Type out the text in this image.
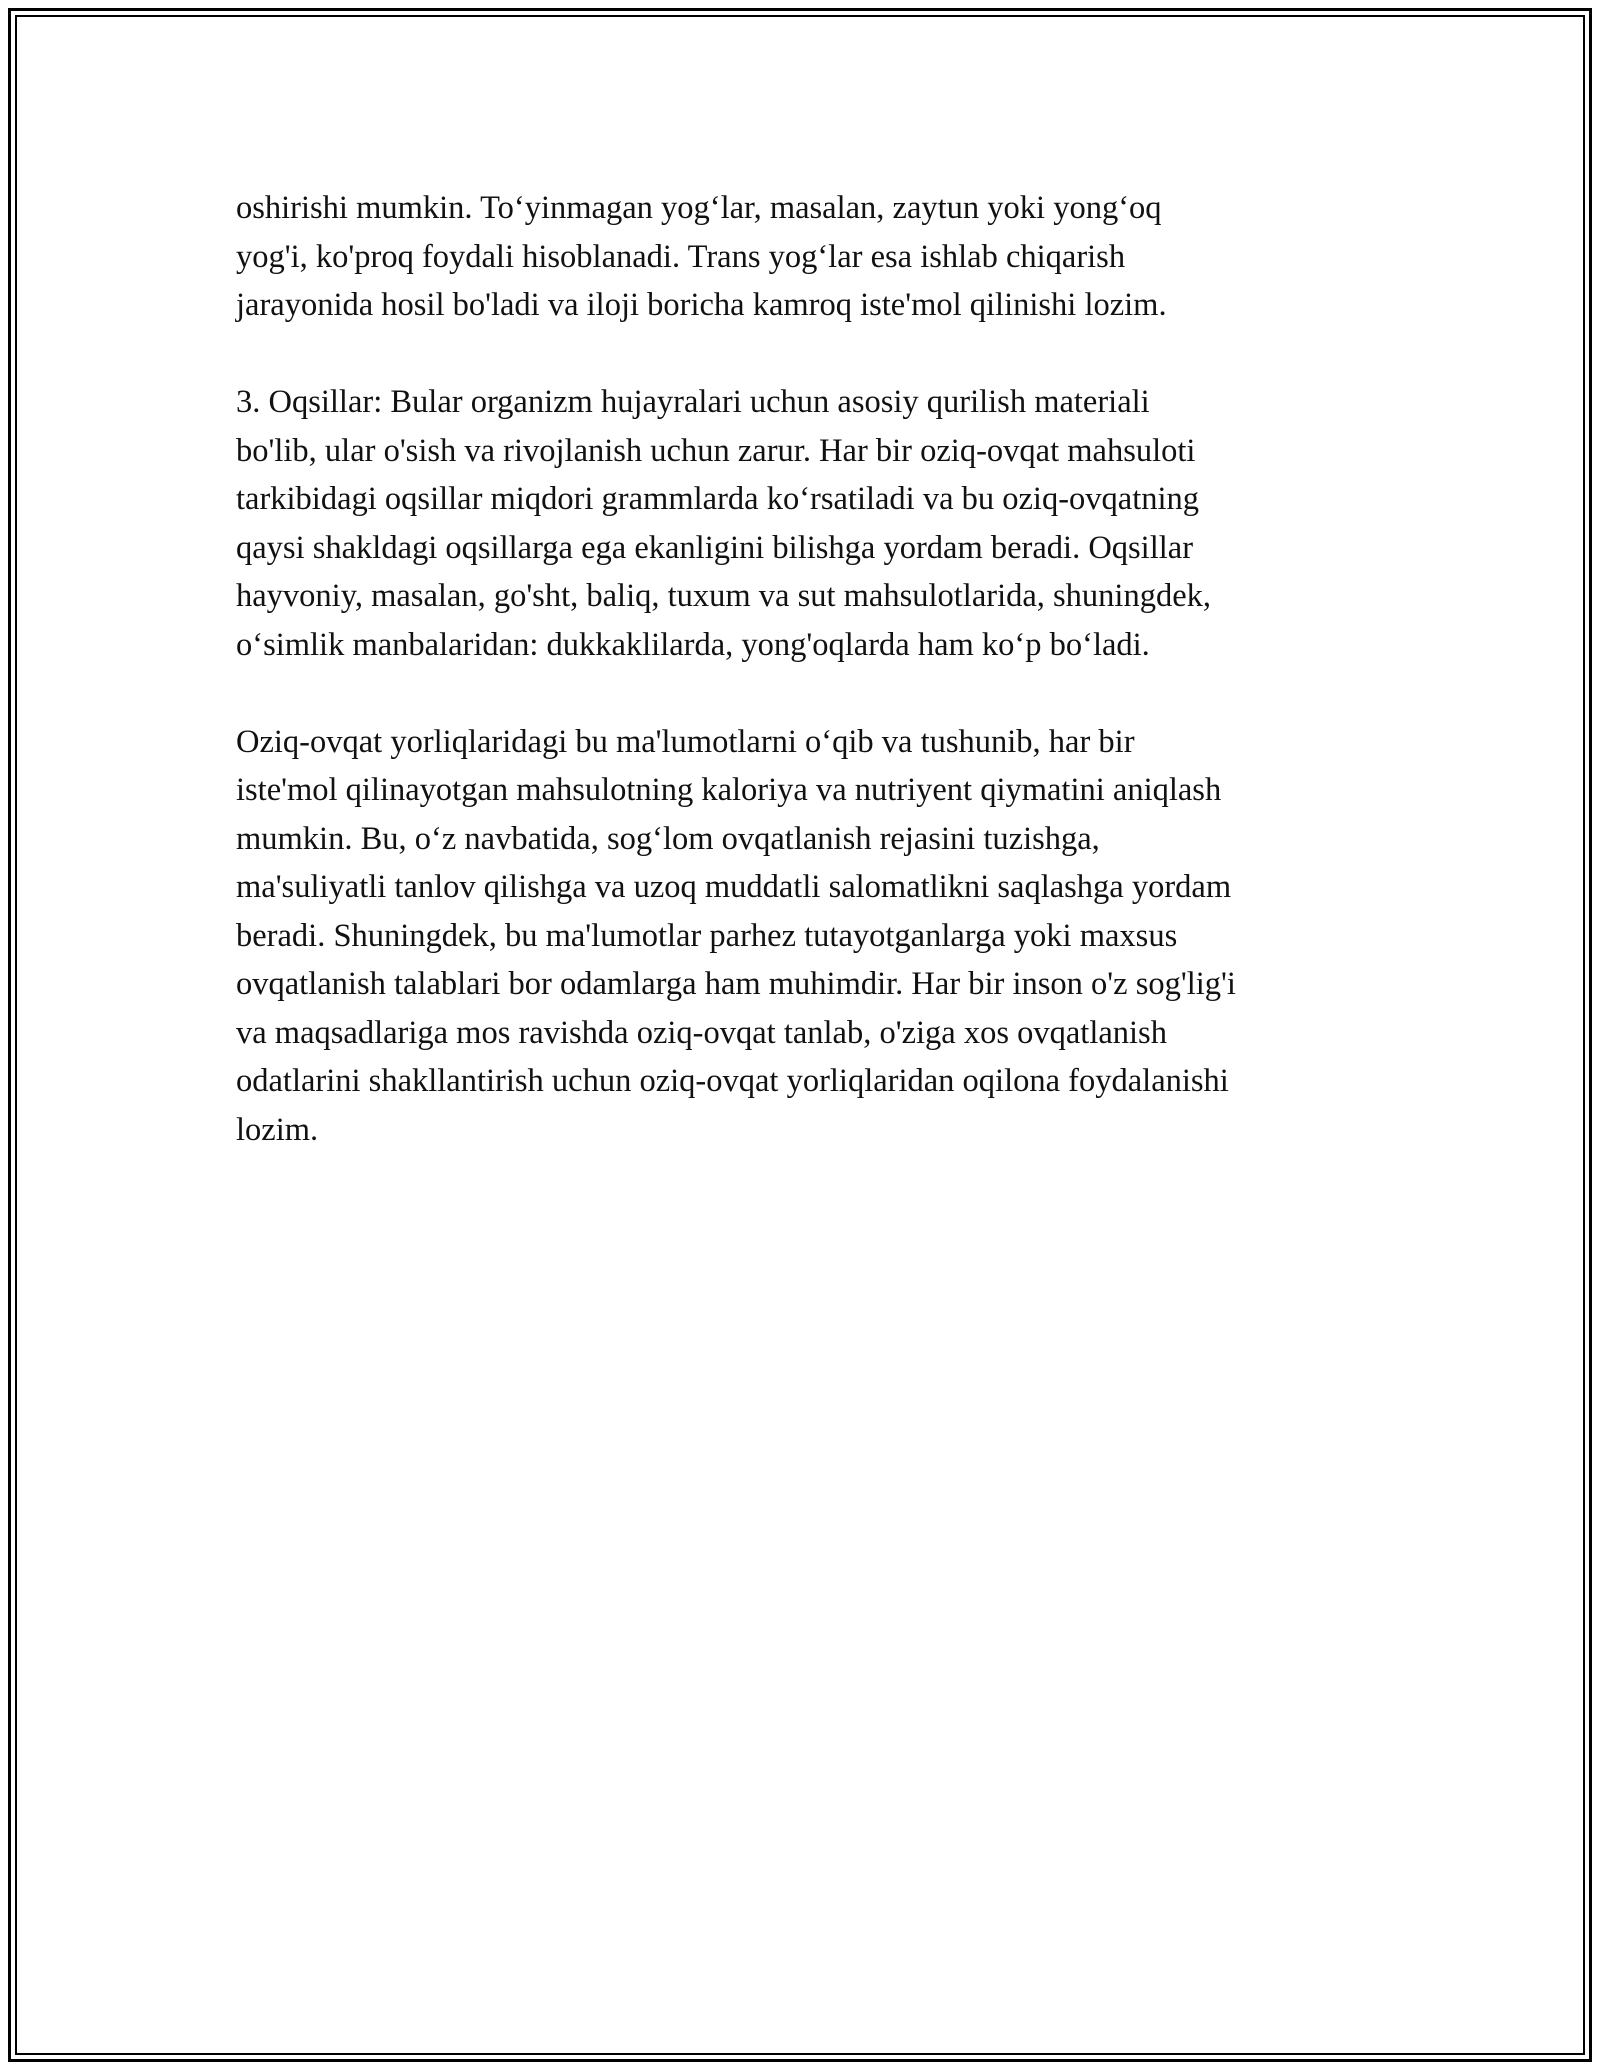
oshirishi mumkin. To‘yinmagan yog‘lar, masalan, zaytun yoki yong‘oq
yog'i, ko'proq foydali hisoblanadi. Trans yog‘lar esa ishlab chiqarish
jarayonida hosil bo'ladi va iloji boricha kamroq iste'mol qilinishi lozim.

3. Oqsillar: Bular organizm hujayralari uchun asosiy qurilish materiali
bo'lib, ular o'sish va rivojlanish uchun zarur. Har bir oziq-ovqat mahsuloti
tarkibidagi oqsillar miqdori grammlarda ko‘rsatiladi va bu oziq-ovqatning
qaysi shakldagi oqsillarga ega ekanligini bilishga yordam beradi. Oqsillar
hayvoniy, masalan, go'sht, baliq, tuxum va sut mahsulotlarida, shuningdek,
o‘simlik manbalaridan: dukkaklilarda, yong'oqlarda ham ko‘p bo‘ladi.

Oziq-ovqat yorliqlaridagi bu ma'lumotlarni o‘qib va tushunib, har bir
iste'mol qilinayotgan mahsulotning kaloriya va nutriyent qiymatini aniqlash
mumkin. Bu, o‘z navbatida, sog‘lom ovqatlanish rejasini tuzishga,
ma'suliyatli tanlov qilishga va uzoq muddatli salomatlikni saqlashga yordam
beradi. Shuningdek, bu ma'lumotlar parhez tutayotganlarga yoki maxsus
ovqatlanish talablari bor odamlarga ham muhimdir. Har bir inson o'z sog'lig'i
va maqsadlariga mos ravishda oziq-ovqat tanlab, o'ziga xos ovqatlanish
odatlarini shakllantirish uchun oziq-ovqat yorliqlaridan oqilona foydalanishi
lozim.
